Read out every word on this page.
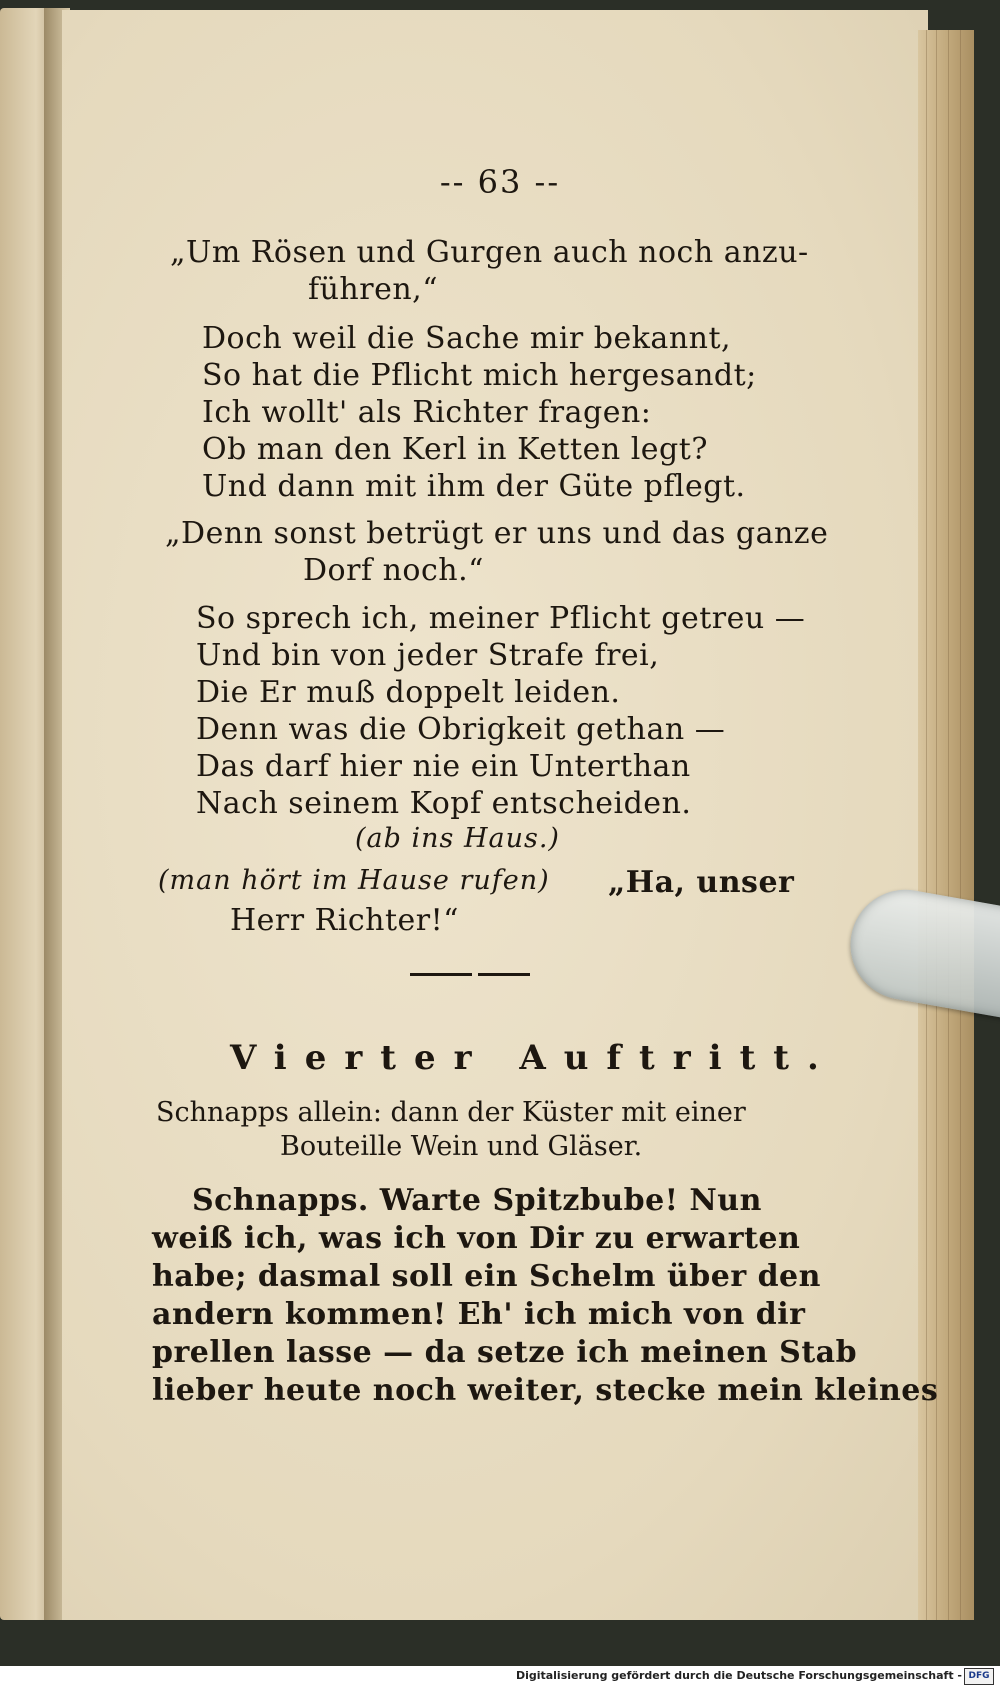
-- 63 --
„Um Rösen und Gurgen auch noch anzu-
führen,“
Doch weil die Sache mir bekannt,
So hat die Pflicht mich hergesandt;
Ich wollt' als Richter fragen:
Ob man den Kerl in Ketten legt?
Und dann mit ihm der Güte pflegt.
„Denn sonst betrügt er uns und das ganze
Dorf noch.“
So sprech ich, meiner Pflicht getreu —
Und bin von jeder Strafe frei,
Die Er muß doppelt leiden.
Denn was die Obrigkeit gethan —
Das darf hier nie ein Unterthan
Nach seinem Kopf entscheiden.
(ab ins Haus.)
(man hört im Hause rufen) „Ha, unser
Herr Richter!“
Vierter Auftritt.
Schnapps allein: dann der Küster mit einer
Bouteille Wein und Gläser.
Schnapps. Warte Spitzbube! Nun
weiß ich, was ich von Dir zu erwarten
habe; dasmal soll ein Schelm über den
andern kommen! Eh' ich mich von dir
prellen lasse — da setze ich meinen Stab
lieber heute noch weiter, stecke mein kleines
Digitalisierung gefördert durch die Deutsche Forschungsgemeinschaft - DFG
